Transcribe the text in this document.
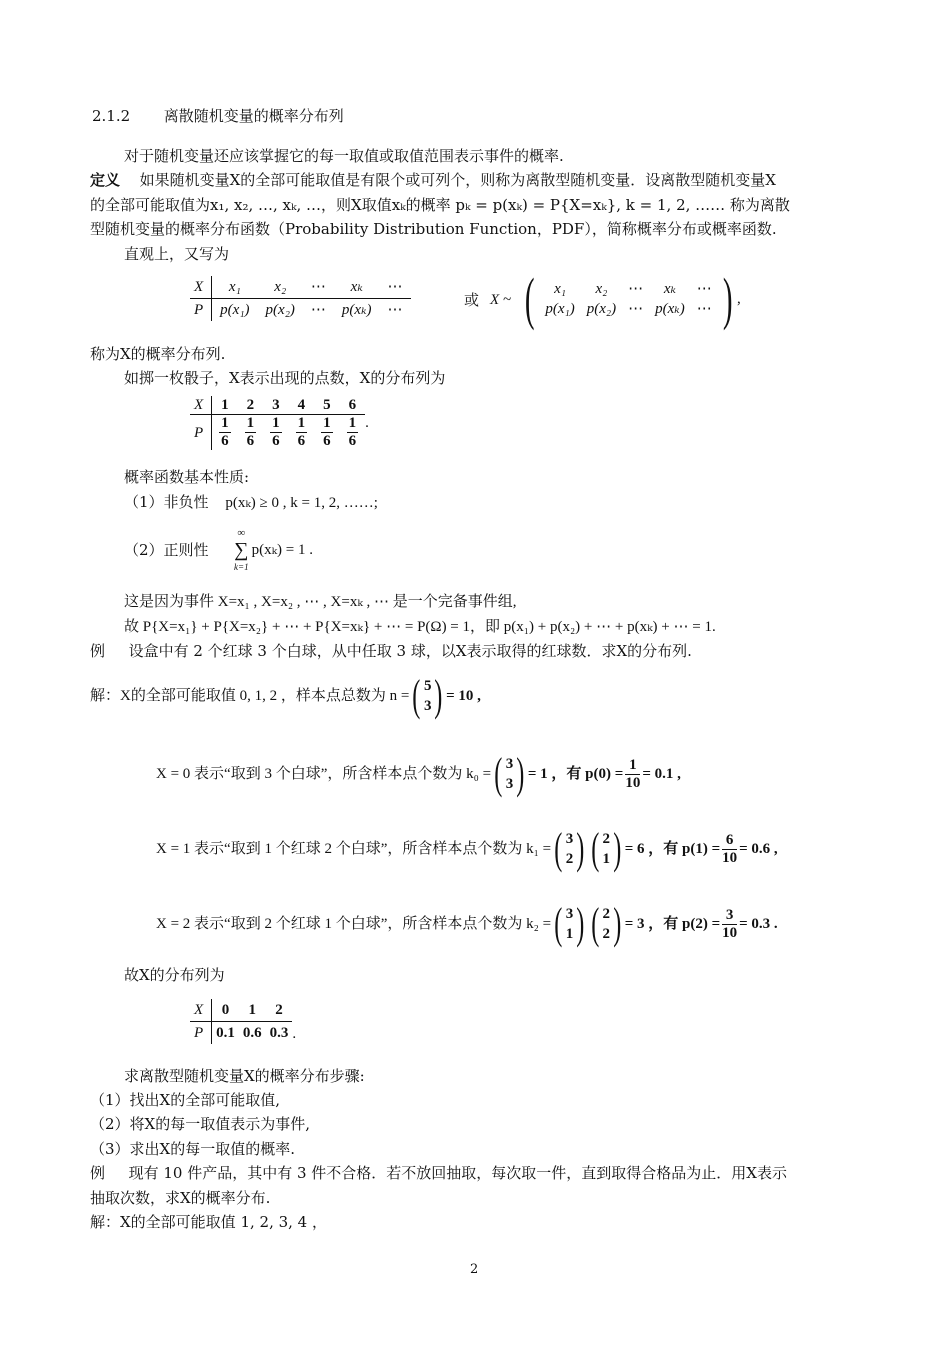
2.1.2 离散随机变量的概率分布列
对于随机变量还应该掌握它的每一取值或取值范围表示事件的概率.
定义 如果随机变量X的全部可能取值是有限个或可列个，则称为离散型随机变量．设离散型随机变量X
的全部可能取值为x₁, x₂, …, xₖ, …，则X取值xₖ的概率 pₖ = p(xₖ) = P{X=xₖ}, k = 1, 2, …… 称为离散
型随机变量的概率分布函数（Probability Distribution Function，PDF），简称概率分布或概率函数.
直观上，又写为
X	x₁	x₂	⋯	xₖ	⋯
P	p(x₁)	p(x₂)	⋯	p(xₖ)	⋯
或 X ~ ( x₁	x₂	⋯	xₖ	⋯
p(x₁)	p(x₂)	⋯	p(xₖ)	⋯ ) ,
称为X的概率分布列.
如掷一枚骰子，X表示出现的点数，X的分布列为
X	1	2	3	4	5	6
P	$\frac{1}{6}$	$\frac{1}{6}$	$\frac{1}{6}$	$\frac{1}{6}$	$\frac{1}{6}$	$\frac{1}{6}$ .
概率函数基本性质:
（1）非负性 p(xₖ) ≥ 0 , k = 1, 2, ……;
（2）正则性
∞
∑
k=1
p(xₖ) = 1 .
这是因为事件 X=x₁ , X=x₂ , ⋯ , X=xₖ , ⋯ 是一个完备事件组,
故 P{X=x₁} + P{X=x₂} + ⋯ + P{X=xₖ} + ⋯ = P(Ω) = 1，即 p(x₁) + p(x₂) + ⋯ + p(xₖ) + ⋯ = 1.
例 设盒中有 2 个红球 3 个白球，从中任取 3 球，以X表示取得的红球数．求X的分布列.
解：X的全部可能取值 0, 1, 2 ，样本点总数为 n = ( 5
3 ) = 10 ,
X = 0 表示“取到 3 个白球”，所含样本点个数为 k₀ = ( 3
3 ) = 1 ，有 $p(0) = \frac{1}{10} = 0.1$ ,
X = 1 表示“取到 1 个红球 2 个白球”，所含样本点个数为 k₁ = ( 3
2 ) ( 2
1 ) = 6 ，有 $p(1) = \frac{6}{10} = 0.6$ ,
X = 2 表示“取到 2 个红球 1 个白球”，所含样本点个数为 k₂ = ( 3
1 ) ( 2
2 ) = 3 ，有 $p(2) = \frac{3}{10} = 0.3$ .
故X的分布列为
X	0	1	2
P	0.1	0.6	0.3 .
求离散型随机变量X的概率分布步骤:
（1）找出X的全部可能取值,
（2）将X的每一取值表示为事件,
（3）求出X的每一取值的概率.
例 现有 10 件产品，其中有 3 件不合格．若不放回抽取，每次取一件，直到取得合格品为止．用X表示
抽取次数，求X的概率分布.
解：X的全部可能取值 1, 2, 3, 4 ，
2
